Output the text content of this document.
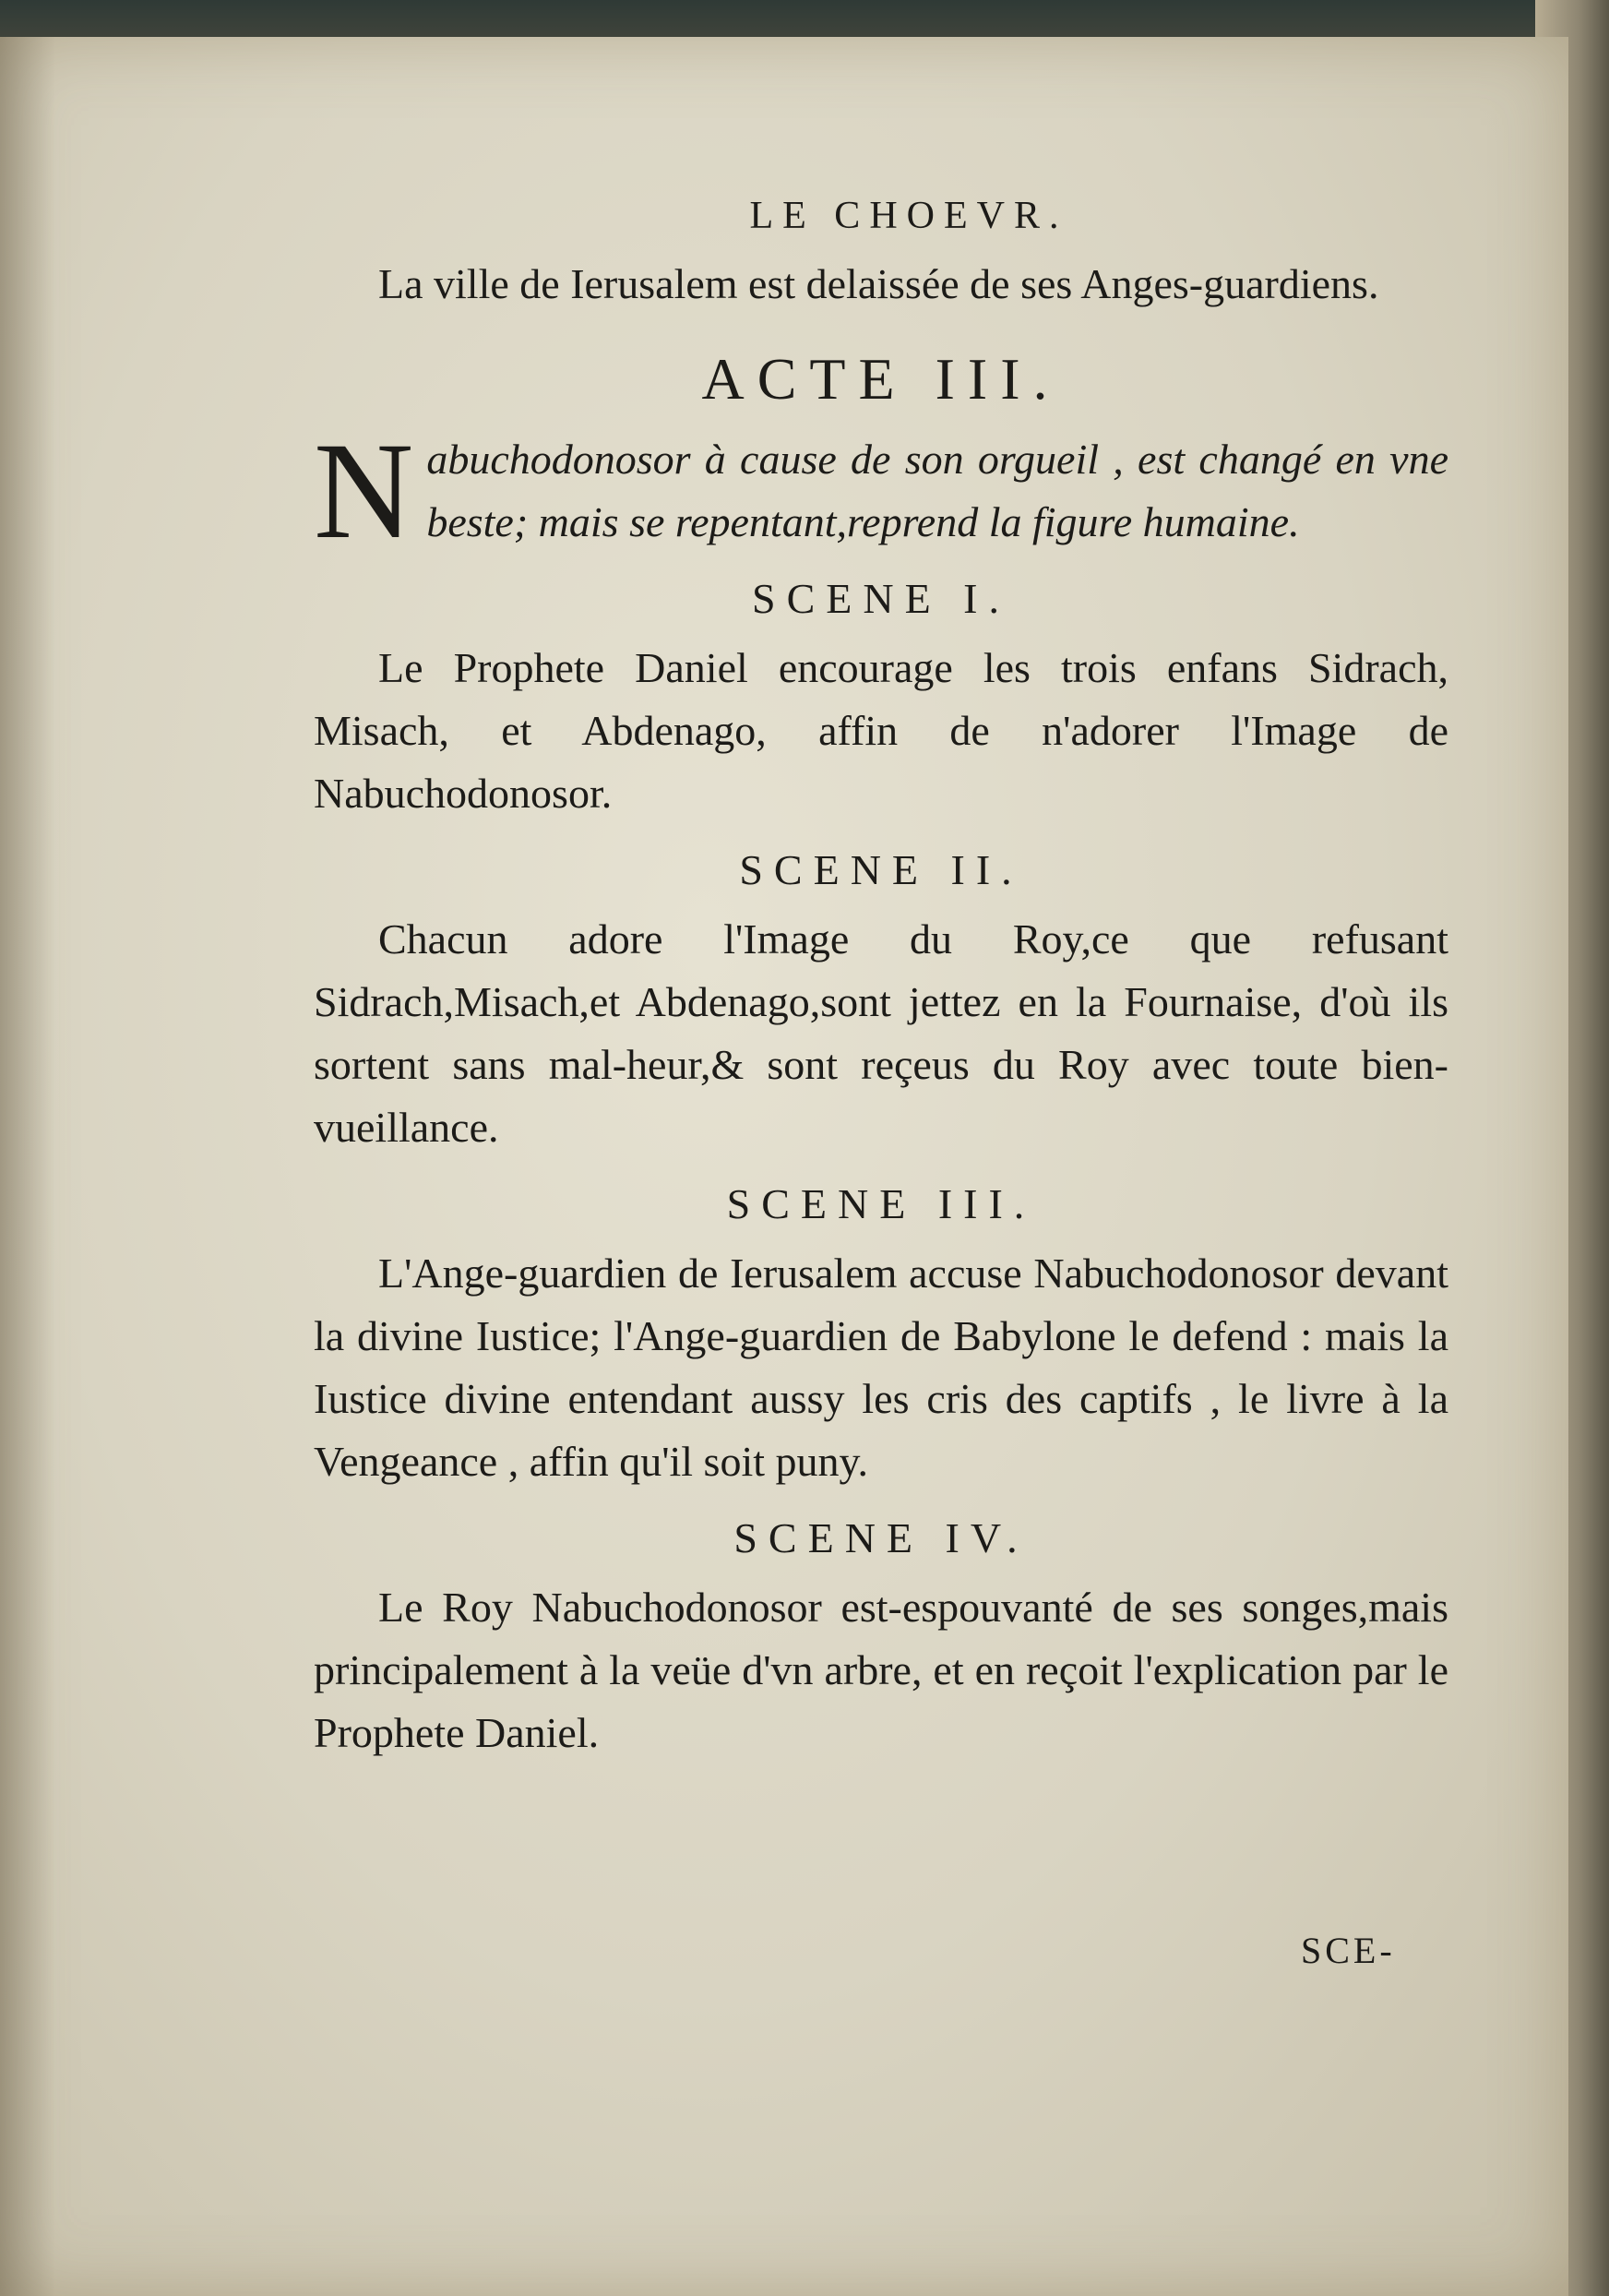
LE CHOEVR.

La ville de Ierusalem est delaissée de ses Anges-guardiens.

ACTE III.

N abuchodonosor à cause de son orgueil , est changé en vne beste; mais se repentant,reprend la figure humaine.

SCENE I.

Le Prophete Daniel encourage les trois enfans Sidrach, Misach, et Abdenago, affin de n'adorer l'Image de Nabuchodonosor.

SCENE II.

Chacun adore l'Image du Roy,ce que refusant Sidrach,Misach,et Abdenago,sont jettez en la Fournaise, d'où ils sortent sans mal-heur,& sont reçeus du Roy avec toute bien-vueillance.

SCENE III.

L'Ange-guardien de Ierusalem accuse Nabuchodonosor devant la divine Iustice; l'Ange-guardien de Babylone le defend : mais la Iustice divine entendant aussy les cris des captifs , le livre à la Vengeance , affin qu'il soit puny.

SCENE IV.

Le Roy Nabuchodonosor est-espouvanté de ses songes,mais principalement à la veüe d'vn arbre, et en reçoit l'explication par le Prophete Daniel.

SCE-
